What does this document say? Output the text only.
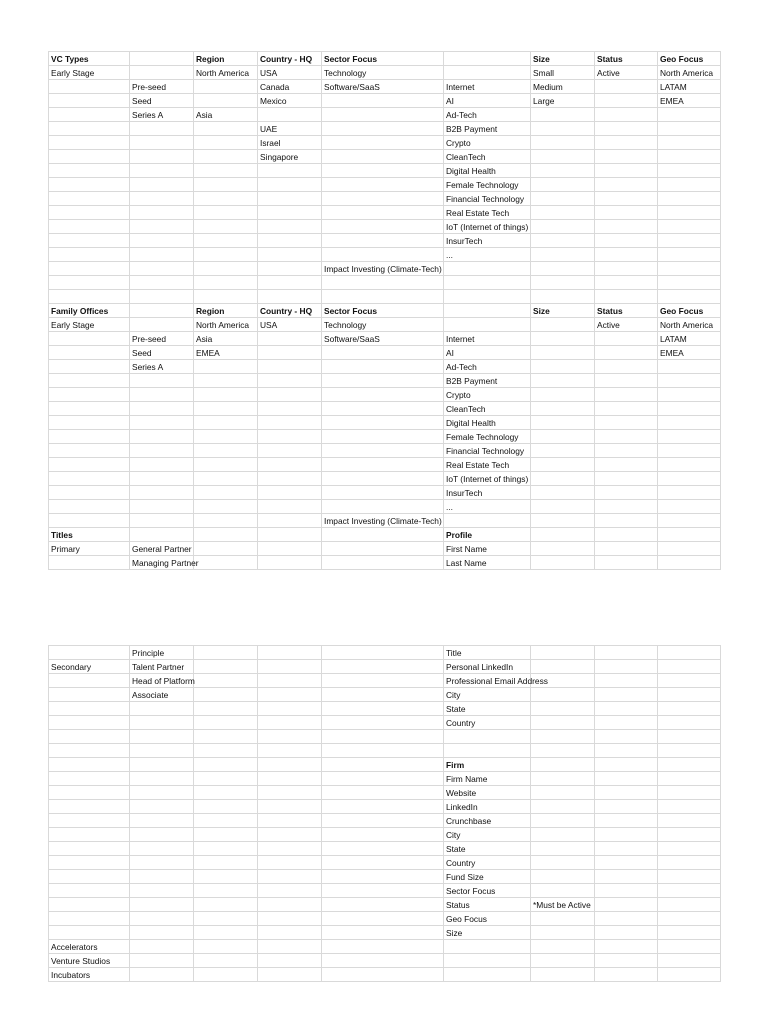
VC Types		Region	Country - HQ	Sector Focus		Size	Status	Geo Focus
Early Stage		North America	USA	Technology		Small	Active	North America
	Pre-seed		Canada	Software/SaaS	Internet	Medium		LATAM
	Seed		Mexico		AI	Large		EMEA
	Series A	Asia			Ad-Tech			
			UAE		B2B Payment			
			Israel		Crypto			
			Singapore		CleanTech			
					Digital Health			
					Female Technology			
					Financial Technology			
					Real Estate Tech			
					IoT (Internet of things)			
					InsurTech			
					...			
				Impact Investing (Climate-Tech)				

Family Offices		Region	Country - HQ	Sector Focus		Size	Status	Geo Focus
Early Stage		North America	USA	Technology			Active	North America
	Pre-seed	Asia		Software/SaaS	Internet			LATAM
	Seed	EMEA			AI			EMEA
	Series A				Ad-Tech			
					B2B Payment			
					Crypto			
					CleanTech			
					Digital Health			
					Female Technology			
					Financial Technology			
					Real Estate Tech			
					IoT (Internet of things)			
					InsurTech			
					...			
				Impact Investing (Climate-Tech)				
Titles					Profile			
Primary	General Partner				First Name			
	Managing Partner				Last Name			
	Principle				Title			
Secondary	Talent Partner				Personal LinkedIn			
	Head of Platform				Professional Email Address			
	Associate				City			
					State			
					Country			

					Firm			
					Firm Name			
					Website			
					LinkedIn			
					Crunchbase			
					City			
					State			
					Country			
					Fund Size			
					Sector Focus			
					Status	*Must be Active		
					Geo Focus			
					Size			
Accelerators								
Venture Studios								
Incubators								
